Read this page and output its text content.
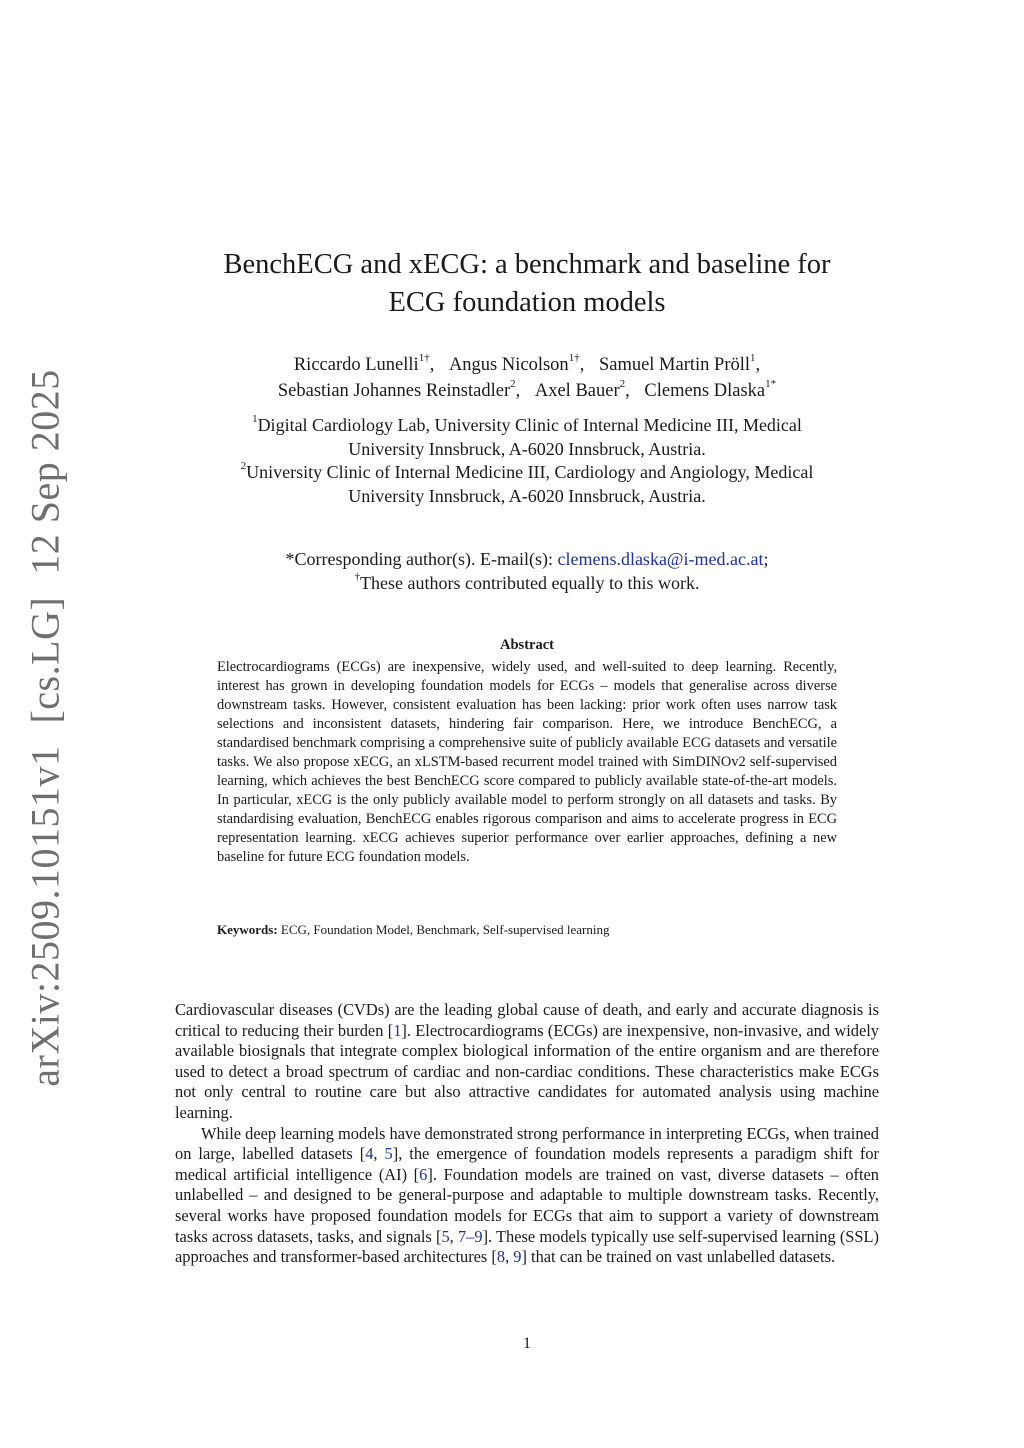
arXiv:2509.10151v1[cs.LG]12 Sep 2025
BenchECG and xECG: a benchmark and baseline for
ECG foundation models
Riccardo Lunelli$^{1\dagger}$, Angus Nicolson$^{1\dagger}$, Samuel Martin Pröll$^1$,
Sebastian Johannes Reinstadler$^2$, Axel Bauer$^2$, Clemens Dlaska$^{1*}$
$^1$Digital Cardiology Lab, University Clinic of Internal Medicine III, Medical
University Innsbruck, A-6020 Innsbruck, Austria.
$^2$University Clinic of Internal Medicine III, Cardiology and Angiology, Medical
University Innsbruck, A-6020 Innsbruck, Austria.
*Corresponding author(s). E-mail(s): clemens.dlaska@i-med.ac.at;
†These authors contributed equally to this work.
Abstract
Electrocardiograms (ECGs) are inexpensive, widely used, and well-suited to deep learning. Recently, interest has grown in developing foundation models for ECGs – models that generalise across diverse downstream tasks. However, consistent evaluation has been lacking: prior work often uses narrow task selections and inconsistent datasets, hindering fair comparison. Here, we introduce BenchECG, a standardised benchmark comprising a comprehensive suite of publicly available ECG datasets and versatile tasks. We also propose xECG, an xLSTM-based recurrent model trained with SimDINOv2 self-supervised learning, which achieves the best BenchECG score compared to publicly available state-of-the-art models. In particular, xECG is the only publicly available model to perform strongly on all datasets and tasks. By standardising evaluation, BenchECG enables rigorous comparison and aims to accelerate progress in ECG representation learning. xECG achieves superior performance over earlier approaches, defining a new baseline for future ECG foundation models.
Keywords: ECG, Foundation Model, Benchmark, Self-supervised learning

Cardiovascular diseases (CVDs) are the leading global cause of death, and early and accurate diagnosis is critical to reducing their burden [1]. Electrocardiograms (ECGs) are inexpensive, non-invasive, and widely available biosignals that integrate complex biological information of the entire organism and are therefore used to detect a broad spectrum of cardiac and non-cardiac conditions. These characteristics make ECGs not only central to routine care but also attractive candidates for automated analysis using machine learning.

While deep learning models have demonstrated strong performance in interpreting ECGs, when trained on large, labelled datasets [4, 5], the emergence of foundation models represents a paradigm shift for medical artificial intelligence (AI) [6]. Foundation models are trained on vast, diverse datasets – often unlabelled – and designed to be general-purpose and adaptable to multiple downstream tasks. Recently, several works have proposed foundation models for ECGs that aim to support a variety of downstream tasks across datasets, tasks, and signals [5, 7–9]. These models typically use self-supervised learning (SSL) approaches and transformer-based architectures [8, 9] that can be trained on vast unlabelled datasets.

1
